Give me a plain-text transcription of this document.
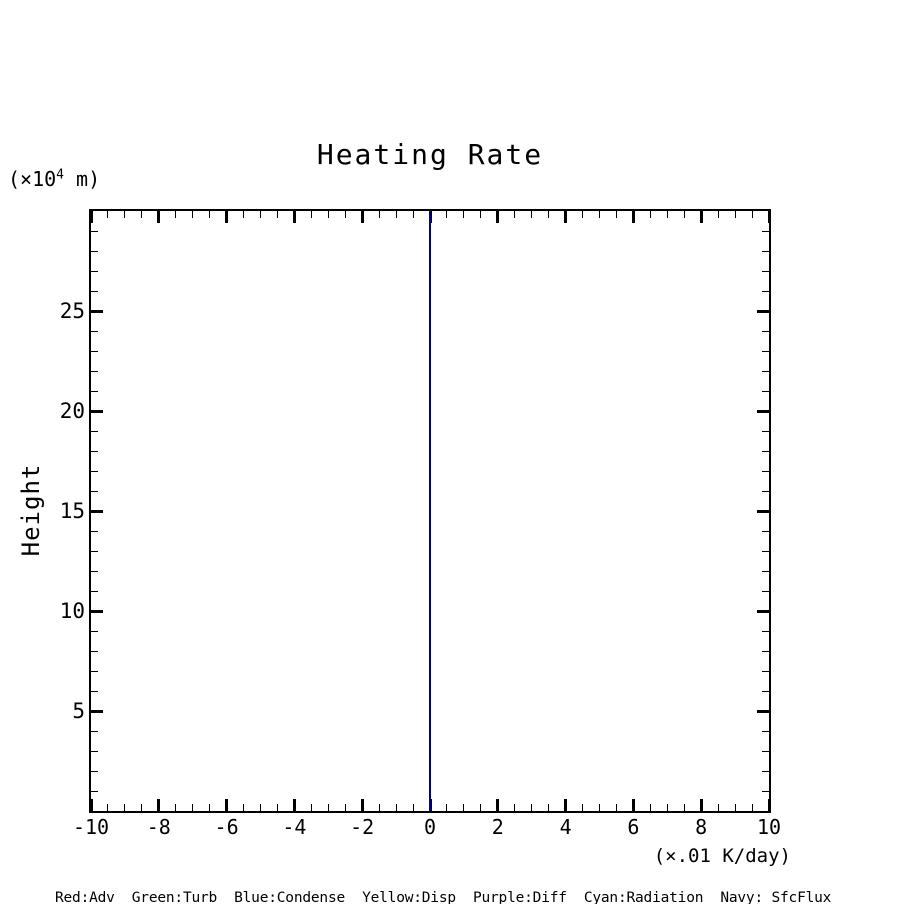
Heating Rate
($\times 10^4$ m)
Height
-10	-8	-6	-4	-2	0	2	4	6	8	10
5
10
15
20
25
(×.01 K/day)
Red:Adv  Green:Turb  Blue:Condense  Yellow:Disp  Purple:Diff  Cyan:Radiation  Navy: SfcFlux
